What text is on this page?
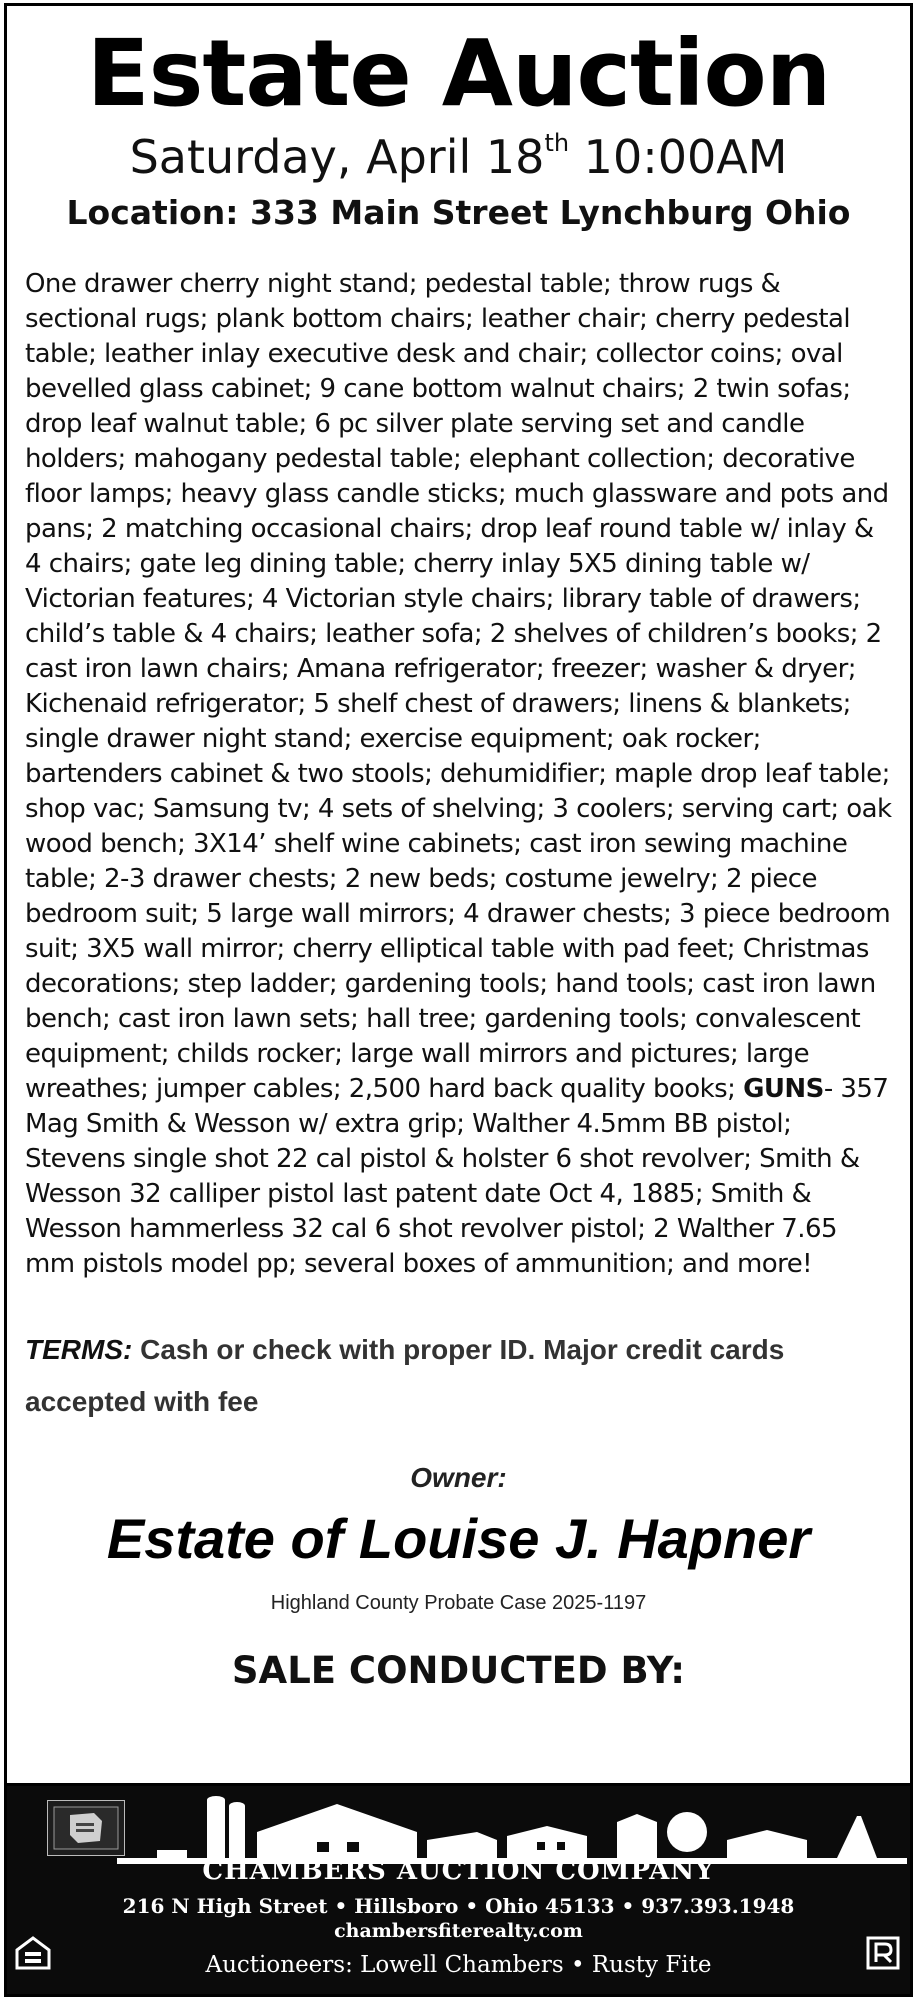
Estate Auction
Saturday, April 18th 10:00AM
Location: 333 Main Street Lynchburg Ohio
One drawer cherry night stand; pedestal table; throw rugs & sectional rugs; plank bottom chairs; leather chair; cherry pedestal table; leather inlay executive desk and chair; collector coins; oval bevelled glass cabinet; 9 cane bottom walnut chairs; 2 twin sofas; drop leaf walnut table; 6 pc silver plate serving set and candle holders; mahogany pedestal table; elephant collection; decorative floor lamps; heavy glass candle sticks; much glassware and pots and pans; 2 matching occasional chairs; drop leaf round table w/ inlay & 4 chairs; gate leg dining table; cherry inlay 5X5 dining table w/ Victorian features; 4 Victorian style chairs; library table of drawers; child’s table & 4 chairs; leather sofa; 2 shelves of children’s books; 2 cast iron lawn chairs; Amana refrigerator; freezer; washer & dryer; Kichenaid refrigerator; 5 shelf chest of drawers; linens & blankets; single drawer night stand; exercise equipment; oak rocker; bartenders cabinet & two stools; dehumidifier; maple drop leaf table; shop vac; Samsung tv; 4 sets of shelving; 3 coolers; serving cart; oak wood bench; 3X14’ shelf wine cabinets; cast iron sewing machine table; 2-3 drawer chests; 2 new beds; costume jewelry; 2 piece bedroom suit; 5 large wall mirrors; 4 drawer chests; 3 piece bedroom suit; 3X5 wall mirror; cherry elliptical table with pad feet; Christmas decorations; step ladder; gardening tools; hand tools; cast iron lawn bench; cast iron lawn sets; hall tree; gardening tools; convalescent equipment; childs rocker; large wall mirrors and pictures; large wreathes; jumper cables; 2,500 hard back quality books; GUNS- 357 Mag Smith & Wesson w/ extra grip; Walther 4.5mm BB pistol; Stevens single shot 22 cal pistol & holster 6 shot revolver; Smith & Wesson 32 calliper pistol last patent date Oct 4, 1885; Smith & Wesson hammerless 32 cal 6 shot revolver pistol; 2 Walther 7.65 mm pistols model pp; several boxes of ammunition; and more!
TERMS: Cash or check with proper ID. Major credit cards accepted with fee
Owner:
Estate of Louise J. Hapner
Highland County Probate Case 2025-1197
SALE CONDUCTED BY:
CHAMBERS AUCTION COMPANY
216 N High Street • Hillsboro • Ohio 45133 • 937.393.1948
chambersfiterealty.com
Auctioneers: Lowell Chambers • Rusty Fite
